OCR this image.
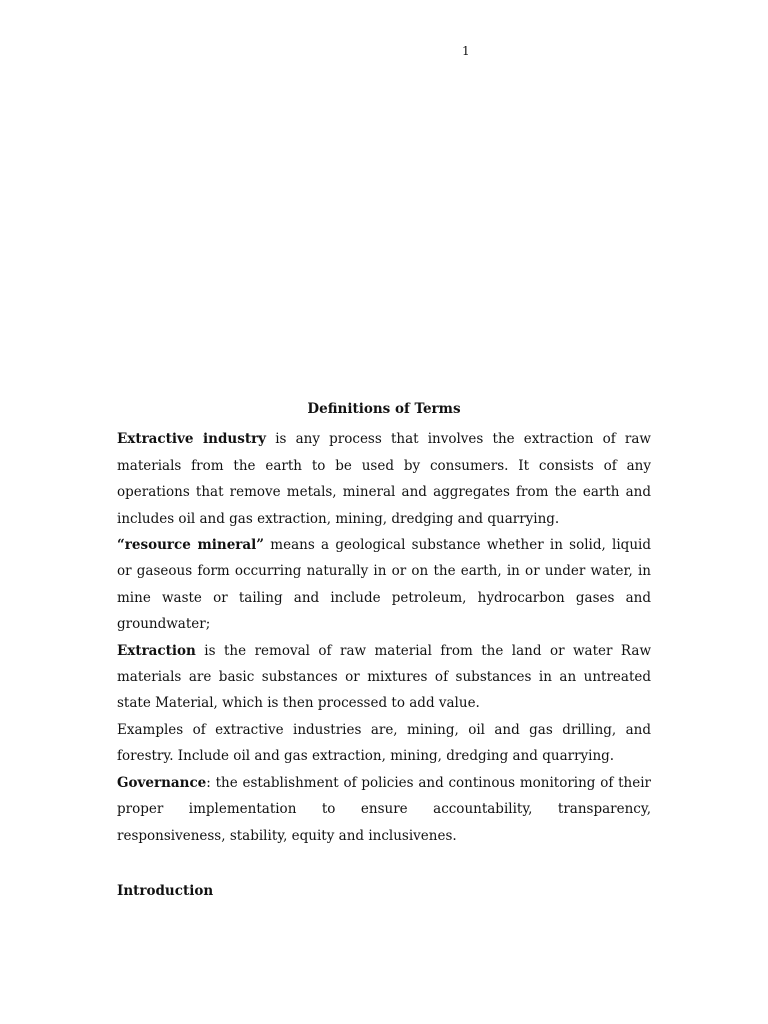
1
Definitions of Terms

Extractive industry is any process that involves the extraction of raw materials from the earth to be used by consumers. It consists of any operations that remove metals, mineral and aggregates from the earth and includes oil and gas extraction, mining, dredging and quarrying.

“resource mineral” means a geological substance whether in solid, liquid or gaseous form occurring naturally in or on the earth, in or under water, in mine waste or tailing and include petroleum, hydrocarbon gases and groundwater;

Extraction is the removal of raw material from the land or water Raw materials are basic substances or mixtures of substances in an untreated state Material, which is then processed to add value.

Examples of extractive industries are, mining, oil and gas drilling, and forestry. Include oil and gas extraction, mining, dredging and quarrying.

Governance: the establishment of policies and continous monitoring of their proper implementation to ensure accountability, transparency, responsiveness, stability, equity and inclusivenes.

Introduction
